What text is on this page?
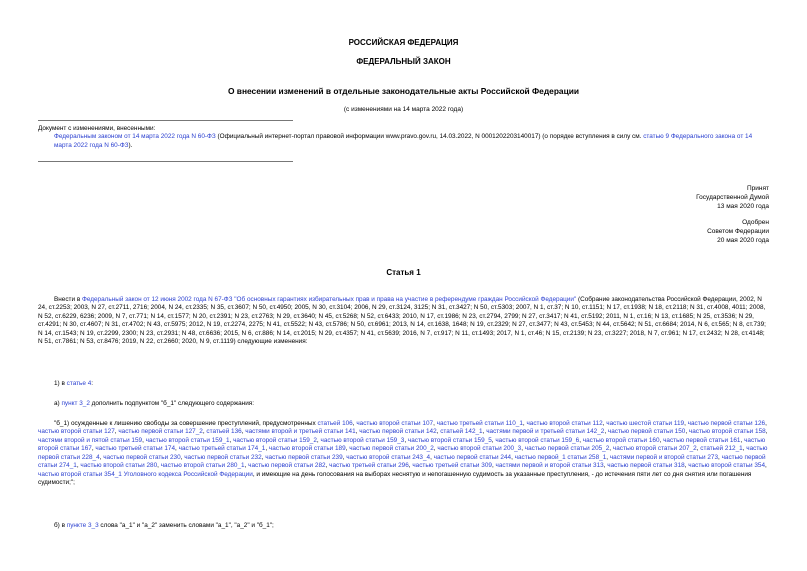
РОССИЙСКАЯ ФЕДЕРАЦИЯ
ФЕДЕРАЛЬНЫЙ ЗАКОН
О внесении изменений в отдельные законодательные акты Российской Федерации
(с изменениями на 14 марта 2022 года)
Документ с изменениями, внесенными:
Федеральным законом от 14 марта 2022 года N 60-ФЗ (Официальный интернет-портал правовой информации www.pravo.gov.ru, 14.03.2022, N 0001202203140017) (о порядке вступления в силу см. статью 9 Федерального закона от 14 марта 2022 года N 60-ФЗ).
Принят
Государственной Думой
13 мая 2020 года
Одобрен
Советом Федерации
20 мая 2020 года
Статья 1
Внести в Федеральный закон от 12 июня 2002 года N 67-ФЗ "Об основных гарантиях избирательных прав и права на участие в референдуме граждан Российской Федерации" (Собрание законодательства Российской Федерации, 2002, N 24, ст.2253; 2003, N 27, ст.2711, 2716; 2004, N 24, ст.2335; N 35, ст.3607; N 50, ст.4950; 2005, N 30, ст.3104; 2006, N 29, ст.3124, 3125; N 31, ст.3427; N 50, ст.5303; 2007, N 1, ст.37; N 10, ст.1151; N 17, ст.1938; N 18, ст.2118; N 31, ст.4008, 4011; 2008, N 52, ст.6229, 6236; 2009, N 7, ст.771; N 14, ст.1577; N 20, ст.2391; N 23, ст.2763; N 29, ст.3640; N 45, ст.5268; N 52, ст.6433; 2010, N 17, ст.1986; N 23, ст.2794, 2799; N 27, ст.3417; N 41, ст.5192; 2011, N 1, ст.16; N 13, ст.1685; N 25, ст.3536; N 29, ст.4291; N 30, ст.4607; N 31, ст.4702; N 43, ст.5975; 2012, N 19, ст.2274, 2275; N 41, ст.5522; N 43, ст.5786; N 50, ст.6961; 2013, N 14, ст.1638, 1648; N 19, ст.2329; N 27, ст.3477; N 43, ст.5453; N 44, ст.5642; N 51, ст.6684; 2014, N 6, ст.565; N 8, ст.739; N 14, ст.1543; N 19, ст.2299, 2300; N 23, ст.2931; N 48, ст.6636; 2015, N 6, ст.886; N 14, ст.2015; N 29, ст.4357; N 41, ст.5639; 2016, N 7, ст.917; N 11, ст.1493; 2017, N 1, ст.46; N 15, ст.2139; N 23, ст.3227; 2018, N 7, ст.961; N 17, ст.2432; N 28, ст.4148; N 51, ст.7861; N 53, ст.8476; 2019, N 22, ст.2660; 2020, N 9, ст.1119) следующие изменения:
1) в статье 4:
а) пункт 3_2 дополнить подпунктом "б_1" следующего содержания:
"б_1) осужденные к лишению свободы за совершение преступлений, предусмотренных статьей 106, частью второй статьи 107, частью третьей статьи 110_1, частью второй статьи 112, частью шестой статьи 119, частью первой статьи 126, частью второй статьи 127, частью первой статьи 127_2, статьей 136, частями второй и третьей статьи 141, частью первой статьи 142, статьей 142_1, частями первой и третьей статьи 142_2, частью первой статьи 150, частью второй статьи 158, частями второй и пятой статьи 159, частью второй статьи 159_1, частью второй статьи 159_2, частью второй статьи 159_3, частью второй статьи 159_5, частью второй статьи 159_6, частью второй статьи 160, частью первой статьи 161, частью второй статьи 167, частью третьей статьи 174, частью третьей статьи 174_1, частью второй статьи 189, частью первой статьи 200_2, частью второй статьи 200_3, частью первой статьи 205_2, частью второй статьи 207_2, статьей 212_1, частью первой статьи 228_4, частью первой статьи 230, частью первой статьи 232, частью первой статьи 239, частью второй статьи 243_4, частью первой статьи 244, частью первой_1 статьи 258_1, частями первой и второй статьи 273, частью первой статьи 274_1, частью второй статьи 280, частью второй статьи 280_1, частью первой статьи 282, частью третьей статьи 296, частью третьей статьи 309, частями первой и второй статьи 313, частью первой статьи 318, частью второй статьи 354, частью второй статьи 354_1 Уголовного кодекса Российской Федерации, и имеющие на день голосования на выборах неснятую и непогашенную судимость за указанные преступления, - до истечения пяти лет со дня снятия или погашения судимости;";
б) в пункте 3_3 слова "а_1" и "а_2" заменить словами "а_1", "а_2" и "б_1";
